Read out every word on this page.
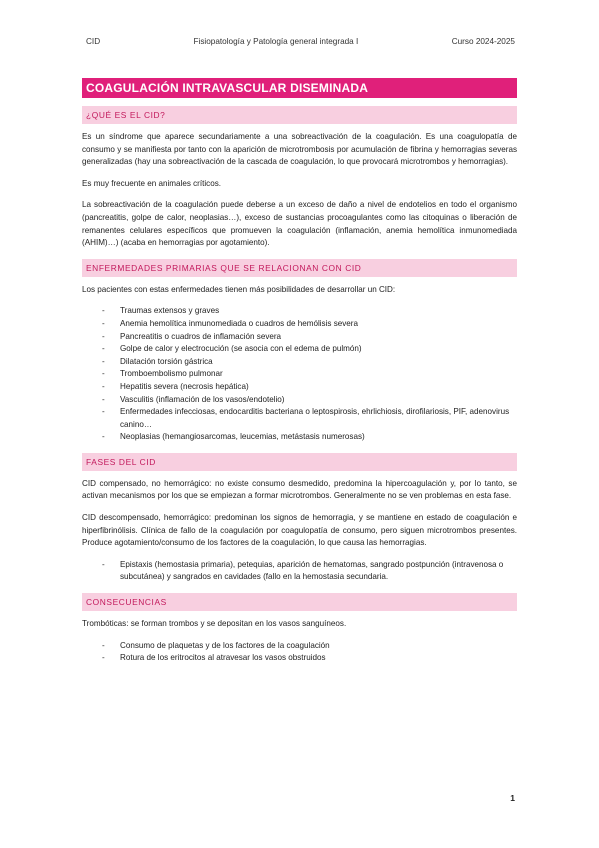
CID	Fisiopatología y Patología general integrada I	Curso 2024-2025
COAGULACIÓN INTRAVASCULAR DISEMINADA
¿QUÉ ES EL CID?

Es un síndrome que aparece secundariamente a una sobreactivación de la coagulación. Es una coagulopatía de consumo y se manifiesta por tanto con la aparición de microtrombosis por acumulación de fibrina y hemorragias severas generalizadas (hay una sobreactivación de la cascada de coagulación, lo que provocará microtrombos y hemorragias).

Es muy frecuente en animales críticos.

La sobreactivación de la coagulación puede deberse a un exceso de daño a nivel de endotelios en todo el organismo (pancreatitis, golpe de calor, neoplasias…), exceso de sustancias procoagulantes como las citoquinas o liberación de remanentes celulares específicos que promueven la coagulación (inflamación, anemia hemolítica inmunomediada (AHIM)…) (acaba en hemorragias por agotamiento).

ENFERMEDADES PRIMARIAS QUE SE RELACIONAN CON CID

Los pacientes con estas enfermedades tienen más posibilidades de desarrollar un CID:

- Traumas extensos y graves
- Anemia hemolítica inmunomediada o cuadros de hemólisis severa
- Pancreatitis o cuadros de inflamación severa
- Golpe de calor y electrocución (se asocia con el edema de pulmón)
- Dilatación torsión gástrica
- Tromboembolismo pulmonar
- Hepatitis severa (necrosis hepática)
- Vasculitis (inflamación de los vasos/endotelio)
- Enfermedades infecciosas, endocarditis bacteriana o leptospirosis, ehrlichiosis, dirofilariosis, PIF, adenovirus canino…
- Neoplasias (hemangiosarcomas, leucemias, metástasis numerosas)
FASES DEL CID

CID compensado, no hemorrágico: no existe consumo desmedido, predomina la hipercoagulación y, por lo tanto, se activan mecanismos por los que se empiezan a formar microtrombos. Generalmente no se ven problemas en esta fase.

CID descompensado, hemorrágico: predominan los signos de hemorragia, y se mantiene en estado de coagulación e hiperfibrinólisis. Clínica de fallo de la coagulación por coagulopatía de consumo, pero siguen microtrombos presentes. Produce agotamiento/consumo de los factores de la coagulación, lo que causa las hemorragias.

- Epistaxis (hemostasia primaria), petequias, aparición de hematomas, sangrado postpunción (intravenosa o subcutánea) y sangrados en cavidades (fallo en la hemostasia secundaria.
CONSECUENCIAS

Trombóticas: se forman trombos y se depositan en los vasos sanguíneos.

- Consumo de plaquetas y de los factores de la coagulación
- Rotura de los eritrocitos al atravesar los vasos obstruidos
1
